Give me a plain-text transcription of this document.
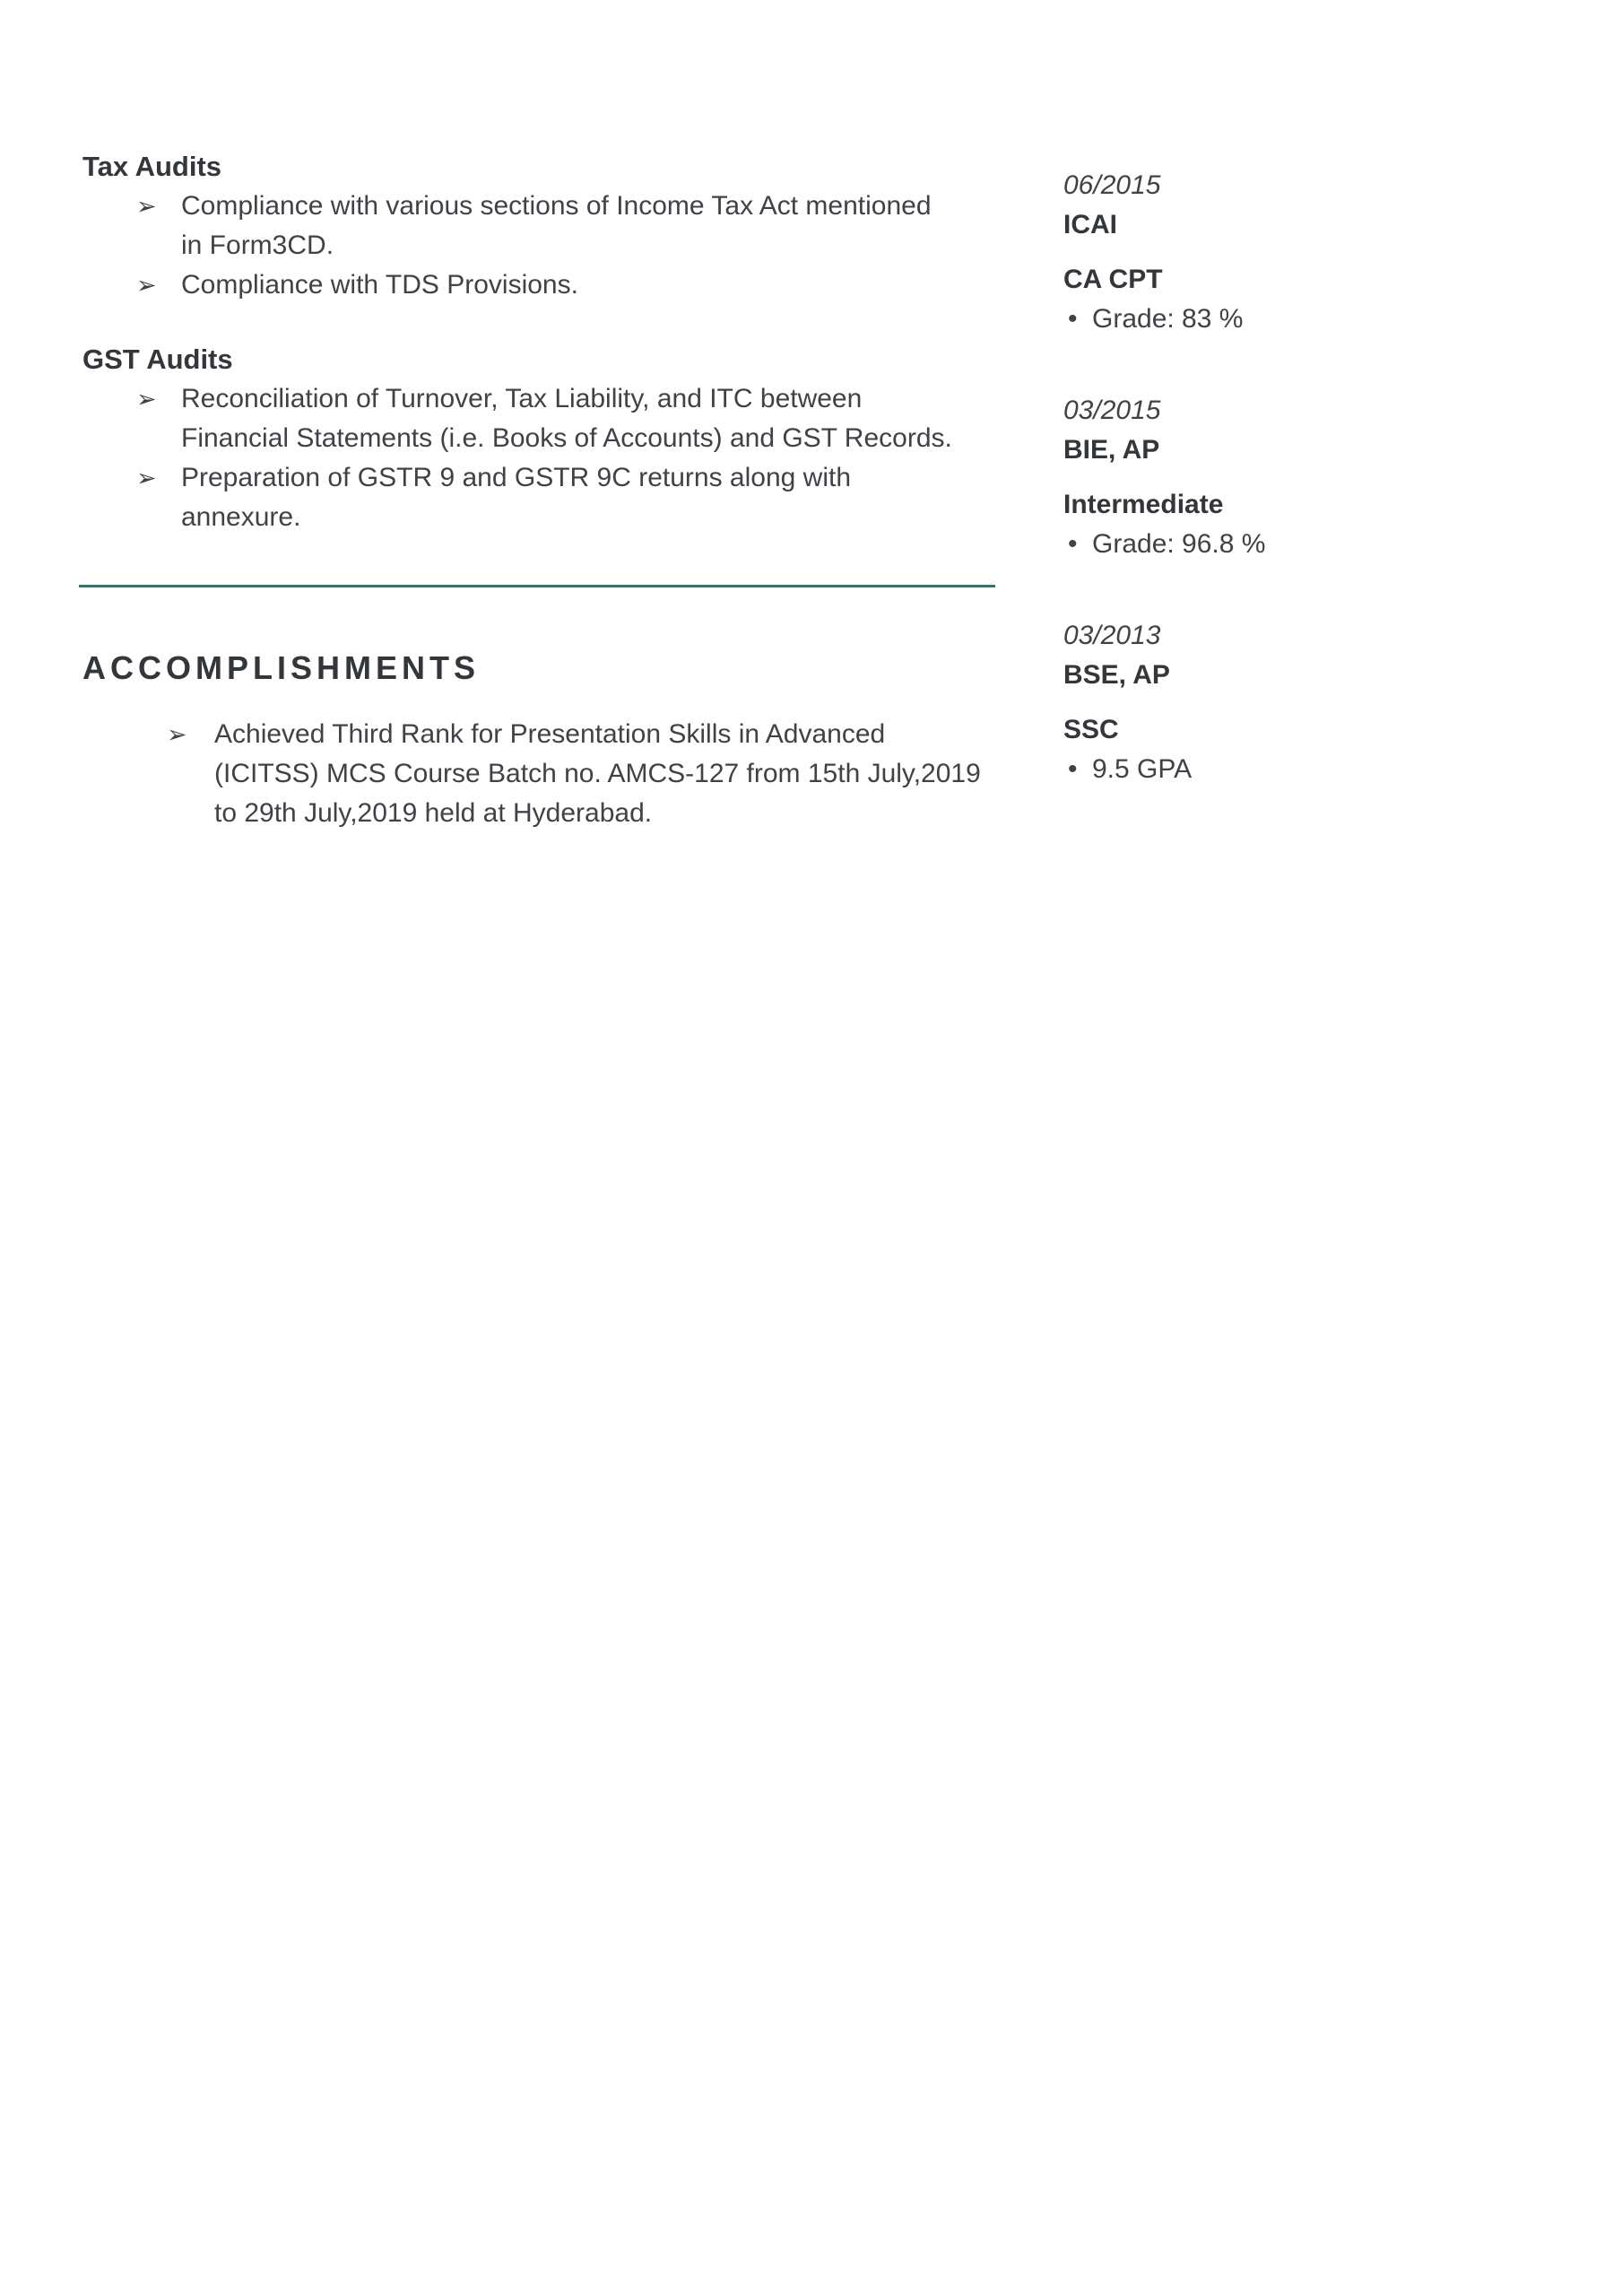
Tax Audits
➢ Compliance with various sections of Income Tax Act mentioned
in Form3CD.
➢ Compliance with TDS Provisions.
GST Audits
➢ Reconciliation of Turnover, Tax Liability, and ITC between
Financial Statements (i.e. Books of Accounts) and GST Records.
➢ Preparation of GSTR 9 and GSTR 9C returns along with
annexure.
ACCOMPLISHMENTS
➢ Achieved Third Rank for Presentation Skills in Advanced
(ICITSS) MCS Course Batch no. AMCS-127 from 15th July,2019
to 29th July,2019 held at Hyderabad.
06/2015
ICAI
CA CPT
• Grade: 83 %
03/2015
BIE, AP
Intermediate
• Grade: 96.8 %
03/2013
BSE, AP
SSC
• 9.5 GPA
